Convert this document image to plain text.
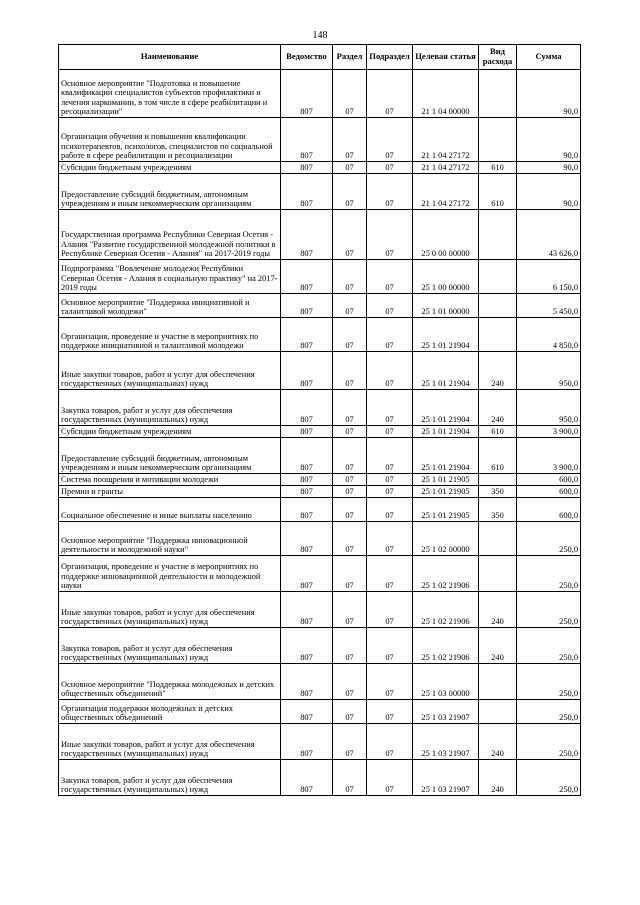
148
Наименование	Ведомство	Раздел	Подраздел	Целевая статья	Вид расхода	Сумма
Основное мероприятие "Подготовка и повышение квалификации специалистов субъектов профилактики и лечения наркомании, в том числе в сфере реабилитации и ресоциализации"	807	07	07	21 1 04 00000		90,0
Организация обучения и повышения квалификации психотерапевтов, психологов, специалистов по социальной работе в сфере реабилитации и ресоциализации	807	07	07	21 1 04 27172		90,0
Субсидии бюджетным учреждениям	807	07	07	21 1 04 27172	610	90,0
Предоставление субсидий бюджетным, автономным учреждениям и иным некоммерческим организациям	807	07	07	21 1 04 27172	610	90,0
Государственная программа Республики Северная Осетия - Алания "Развитие государственной молодежной политики в Республике Северная Осетия - Алания" на 2017-2019 годы	807	07	07	25 0 00 00000		43 626,0
Подпрограмма "Вовлечение молодежи Республики Северная Осетия - Алания в социальную практику" на 2017-2019 годы	807	07	07	25 1 00 00000		6 150,0
Основное мероприятие "Поддержка инициативной и талантливой молодежи"	807	07	07	25 1 01 00000		5 450,0
Организация, проведение и участие в мероприятиях по поддержке инициативной и талантливой молодежи	807	07	07	25 1 01 21904		4 850,0
Иные закупки товаров, работ и услуг для обеспечения государственных (муниципальных) нужд	807	07	07	25 1 01 21904	240	950,0
Закупка товаров, работ и услуг для обеспечения государственных (муниципальных) нужд	807	07	07	25 1 01 21904	240	950,0
Субсидии бюджетным учреждениям	807	07	07	25 1 01 21904	610	3 900,0
Предоставление субсидий бюджетным, автономным учреждениям и иным некоммерческим организациям	807	07	07	25 1 01 21904	610	3 900,0
Система поощрения и мотивации молодежи	807	07	07	25 1 01 21905		600,0
Премии и гранты	807	07	07	25 1 01 21905	350	600,0
Социальное обеспечение и иные выплаты населению	807	07	07	25 1 01 21905	350	600,0
Основное мероприятие "Поддержка инновационной деятельности и молодежной науки"	807	07	07	25 1 02 00000		250,0
Организация, проведение и участие в мероприятиях по поддержке инновационной деятельности и молодежной науки	807	07	07	25 1 02 21906		250,0
Иные закупки товаров, работ и услуг для обеспечения государственных (муниципальных) нужд	807	07	07	25 1 02 21906	240	250,0
Закупка товаров, работ и услуг для обеспечения государственных (муниципальных) нужд	807	07	07	25 1 02 21906	240	250,0
Основное мероприятие "Поддержка молодежных и детских общественных объединений"	807	07	07	25 1 03 00000		250,0
Организация поддержки молодежных и детских общественных объединений	807	07	07	25 1 03 21907		250,0
Иные закупки товаров, работ и услуг для обеспечения государственных (муниципальных) нужд	807	07	07	25 1 03 21907	240	250,0
Закупка товаров, работ и услуг для обеспечения государственных (муниципальных) нужд	807	07	07	25 1 03 21907	240	250,0
